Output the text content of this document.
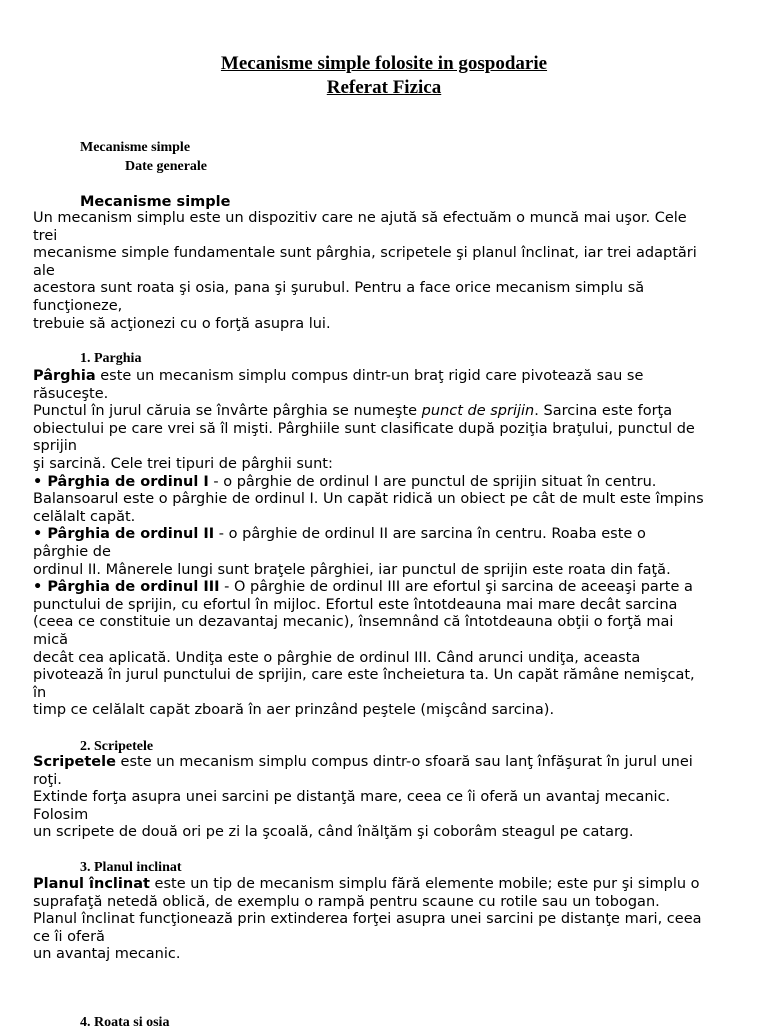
Mecanisme simple folosite in gospodarie

Referat Fizica

Mecanisme simple

Date generale

Mecanisme simple

Un mecanism simplu este un dispozitiv care ne ajută să efectuăm o muncă mai uşor. Cele
trei
mecanisme simple fundamentale sunt pârghia, scripetele şi planul înclinat, iar trei adaptări
ale
acestora sunt roata şi osia, pana şi şurubul. Pentru a face orice mecanism simplu să
funcţioneze,
trebuie să acţionezi cu o forţă asupra lui.

1. Parghia

Pârghia este un mecanism simplu compus dintr-un braţ rigid care pivotează sau se
răsuceşte.
Punctul în jurul căruia se învârte pârghia se numeşte punct de sprijin. Sarcina este forţa
obiectului pe care vrei să îl mişti. Pârghiile sunt clasificate după poziţia braţului, punctul de
sprijin
şi sarcină. Cele trei tipuri de pârghii sunt:
• Pârghia de ordinul I - o pârghie de ordinul I are punctul de sprijin situat în centru.
Balansoarul este o pârghie de ordinul I. Un capăt ridică un obiect pe cât de mult este împins
celălalt capăt.
• Pârghia de ordinul II - o pârghie de ordinul II are sarcina în centru. Roaba este o
pârghie de
ordinul II. Mânerele lungi sunt braţele pârghiei, iar punctul de sprijin este roata din faţă.
• Pârghia de ordinul III - O pârghie de ordinul III are efortul şi sarcina de aceeaşi parte a
punctului de sprijin, cu efortul în mijloc. Efortul este întotdeauna mai mare decât sarcina
(ceea ce constituie un dezavantaj mecanic), însemnând că întotdeauna obţii o forţă mai
mică
decât cea aplicată. Undiţa este o pârghie de ordinul III. Când arunci undiţa, aceasta
pivotează în jurul punctului de sprijin, care este încheietura ta. Un capăt rămâne nemişcat,
în
timp ce celălalt capăt zboară în aer prinzând peştele (mişcând sarcina).

2. Scripetele

Scripetele este un mecanism simplu compus dintr-o sfoară sau lanţ înfăşurat în jurul unei
roţi.
Extinde forţa asupra unei sarcini pe distanţă mare, ceea ce îi oferă un avantaj mecanic.
Folosim
un scripete de două ori pe zi la şcoală, când înălţăm şi coborâm steagul pe catarg.

3. Planul inclinat

Planul înclinat este un tip de mecanism simplu fără elemente mobile; este pur şi simplu o
suprafaţă netedă oblică, de exemplu o rampă pentru scaune cu rotile sau un tobogan.
Planul înclinat funcţionează prin extinderea forţei asupra unei sarcini pe distanţe mari, ceea
ce îi oferă
un avantaj mecanic.

4. Roata si osia
